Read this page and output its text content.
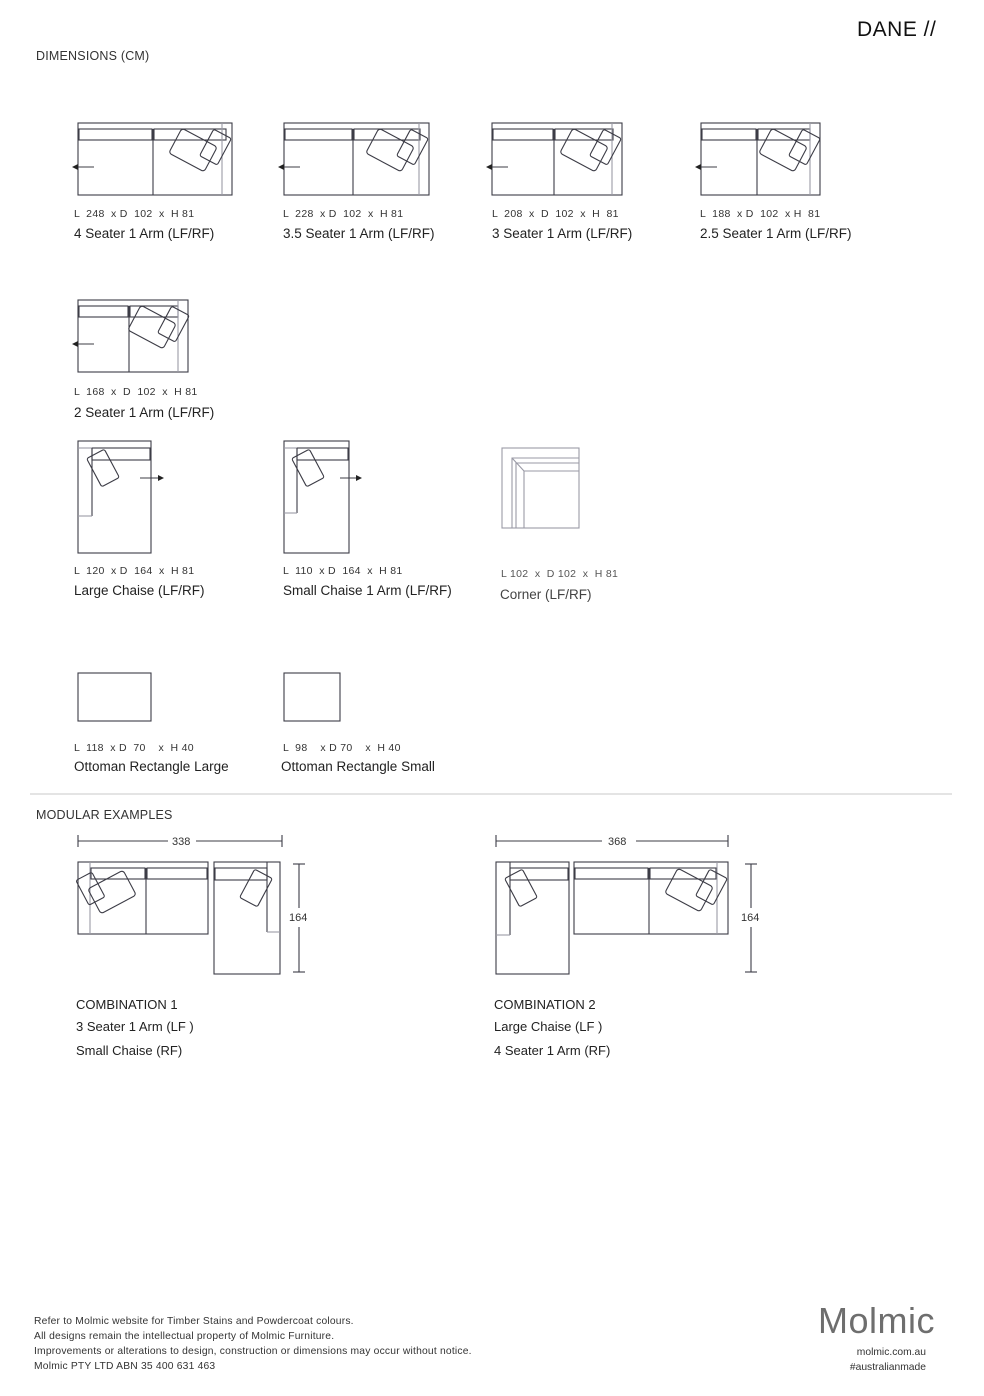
DANE //
DIMENSIONS (CM)
L  248  x D  102  x  H 81
4 Seater 1 Arm (LF/RF)
L  228  x D  102  x  H 81
3.5 Seater 1 Arm (LF/RF)
L  208  x  D  102  x  H  81
3 Seater 1 Arm (LF/RF)
L  188  x D  102  x H  81
2.5 Seater 1 Arm (LF/RF)
L  168  x  D  102  x  H 81
2 Seater 1 Arm (LF/RF)
L  120  x D  164  x  H 81
Large Chaise (LF/RF)
L  110  x D  164  x  H 81
Small Chaise 1 Arm (LF/RF)
L 102  x  D 102  x  H 81
Corner (LF/RF)
L  118  x D  70    x  H 40
Ottoman Rectangle Large
L  98    x D 70    x  H 40
Ottoman Rectangle Small
MODULAR EXAMPLES
338
164
COMBINATION 1
3 Seater 1 Arm (LF )
Small Chaise (RF)
368
164
COMBINATION 2
Large Chaise (LF )
4 Seater 1 Arm (RF)
Refer to Molmic website for Timber Stains and Powdercoat colours.
All designs remain the intellectual property of Molmic Furniture.
Improvements or alterations to design, construction or dimensions may occur without notice.
Molmic PTY LTD ABN 35 400 631 463
Molmic
molmic.com.au
#australianmade
